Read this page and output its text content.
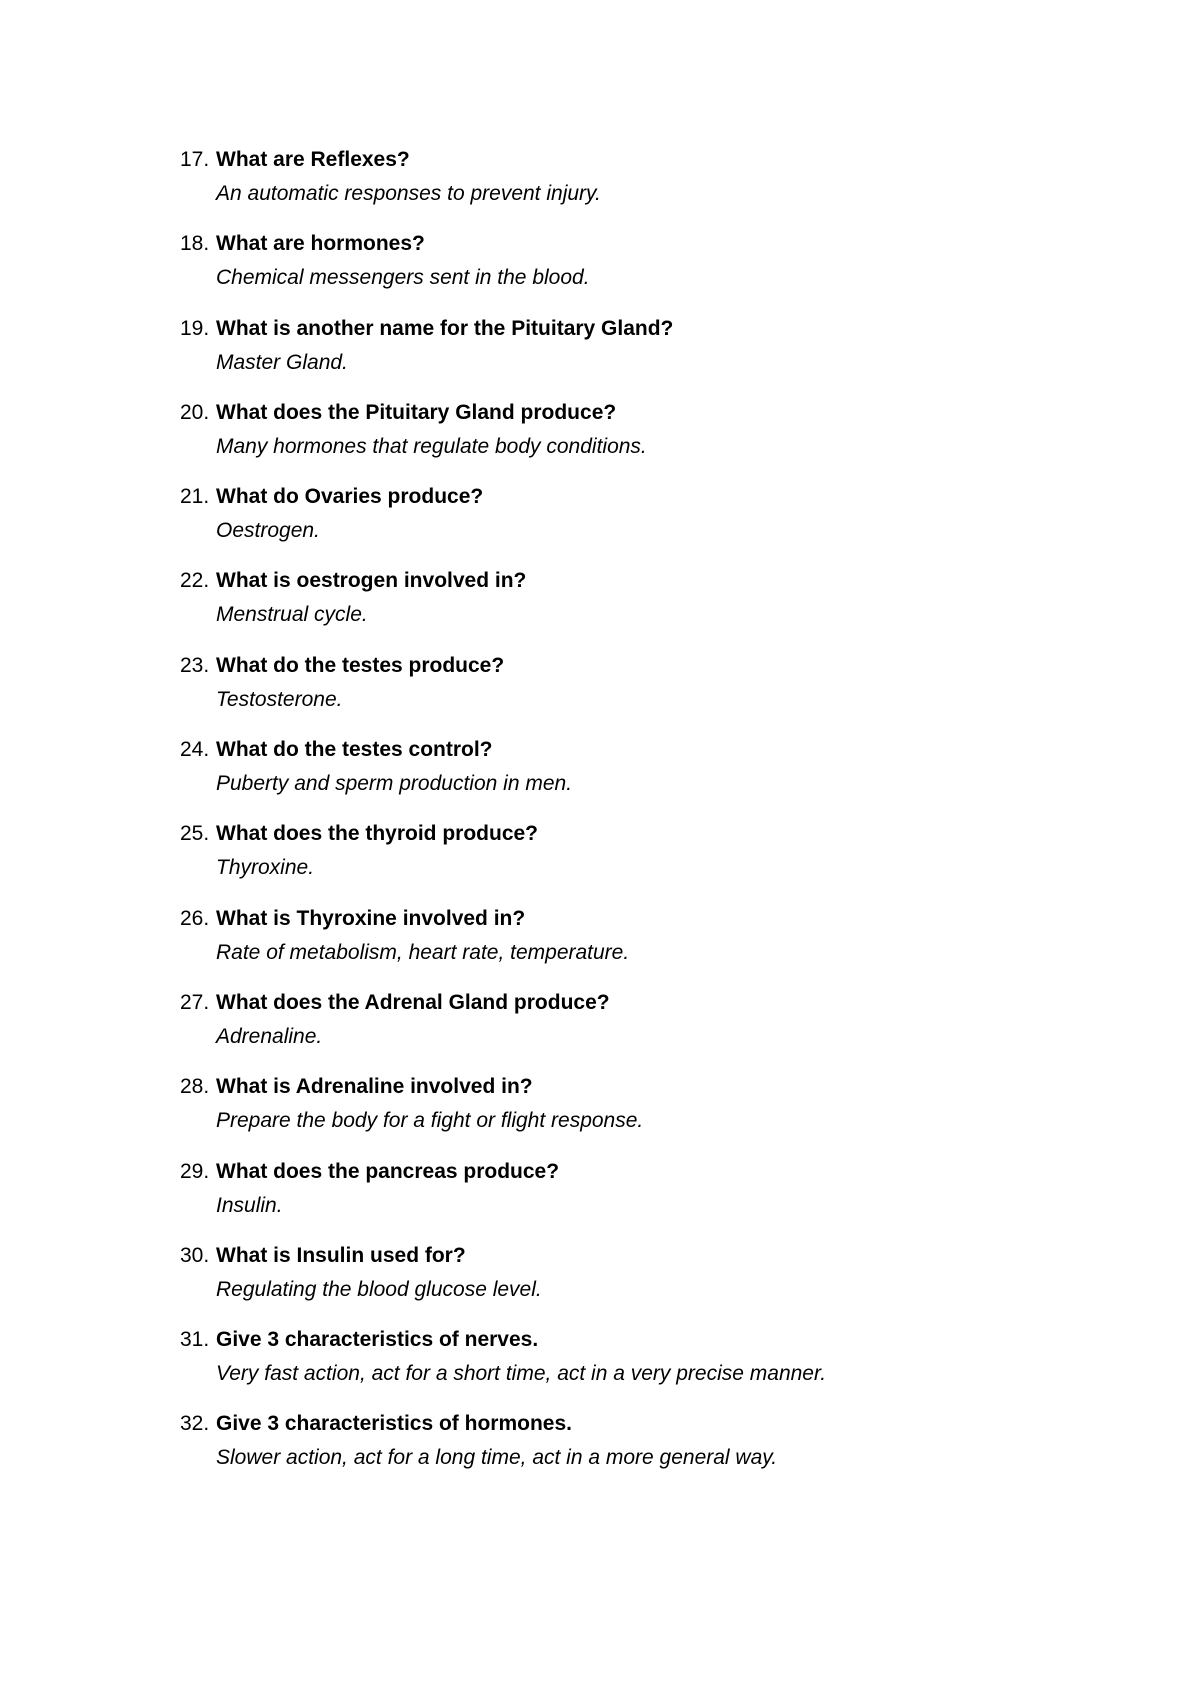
17. What are Reflexes?
An automatic responses to prevent injury.
18. What are hormones?
Chemical messengers sent in the blood.
19. What is another name for the Pituitary Gland?
Master Gland.
20. What does the Pituitary Gland produce?
Many hormones that regulate body conditions.
21. What do Ovaries produce?
Oestrogen.
22. What is oestrogen involved in?
Menstrual cycle.
23. What do the testes produce?
Testosterone.
24. What do the testes control?
Puberty and sperm production in men.
25. What does the thyroid produce?
Thyroxine.
26. What is Thyroxine involved in?
Rate of metabolism, heart rate, temperature.
27. What does the Adrenal Gland produce?
Adrenaline.
28. What is Adrenaline involved in?
Prepare the body for a fight or flight response.
29. What does the pancreas produce?
Insulin.
30. What is Insulin used for?
Regulating the blood glucose level.
31. Give 3 characteristics of nerves.
Very fast action, act for a short time, act in a very precise manner.
32. Give 3 characteristics of hormones.
Slower action, act for a long time, act in a more general way.
